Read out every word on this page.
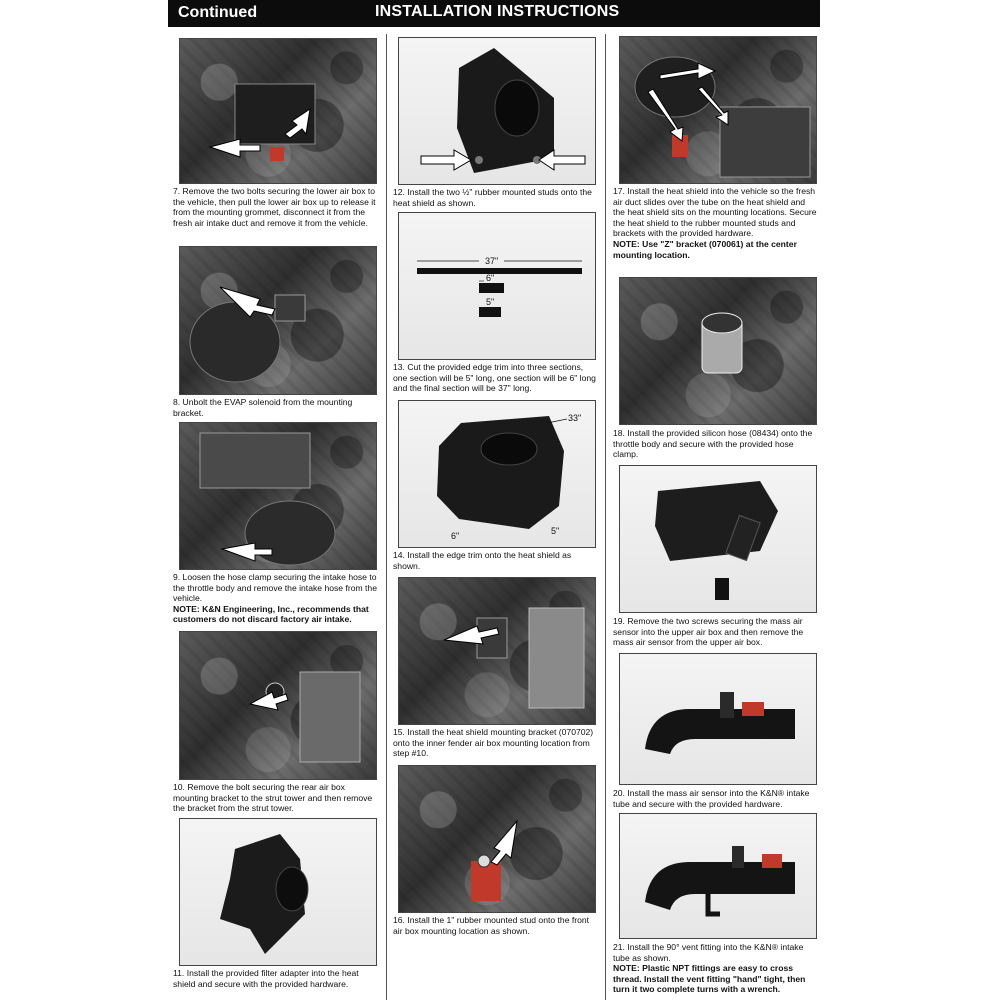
Continued	INSTALLATION INSTRUCTIONS

7. Remove the two bolts securing the lower air box to the vehicle, then pull the lower air box up to release it from the mounting grommet, disconnect it from the fresh air intake duct and remove it from the vehicle.

8. Unbolt the EVAP solenoid from the mounting bracket.

9. Loosen the hose clamp securing the intake hose to the throttle body and remove the intake hose from the vehicle.
NOTE: K&N Engineering, Inc., recommends that customers do not discard factory air intake.

10. Remove the bolt securing the rear air box mounting bracket to the strut tower and then remove the bracket from the strut tower.

11. Install the provided filter adapter into the heat shield and secure with the provided hardware.

12. Install the two ½" rubber mounted studs onto the heat shield as shown.

37"
6"
5"

13. Cut the provided edge trim into three sections, one section will be 5" long, one section will be 6" long and the final section will be 37" long.

33"
6"	5"

14. Install the edge trim onto the heat shield as shown.

15. Install the heat shield mounting bracket (070702) onto the inner fender air box mounting location from step #10.

16. Install the 1" rubber mounted stud onto the front air box mounting location as shown.

17. Install the heat shield into the vehicle so the fresh air duct slides over the tube on the heat shield and the heat shield sits on the mounting locations. Secure the heat shield to the rubber mounted studs and brackets with the provided hardware.
NOTE: Use "Z" bracket (070061) at the center mounting location.

18. Install the provided silicon hose (08434) onto the throttle body and secure with the provided hose clamp.

19. Remove the two screws securing the mass air sensor into the upper air box and then remove the mass air sensor from the upper air box.

20. Install the mass air sensor into the K&N® intake tube and secure with the provided hardware.

21. Install the 90° vent fitting into the K&N® intake tube as shown.
NOTE: Plastic NPT fittings are easy to cross thread. Install the vent fitting "hand" tight, then turn it two complete turns with a wrench.
